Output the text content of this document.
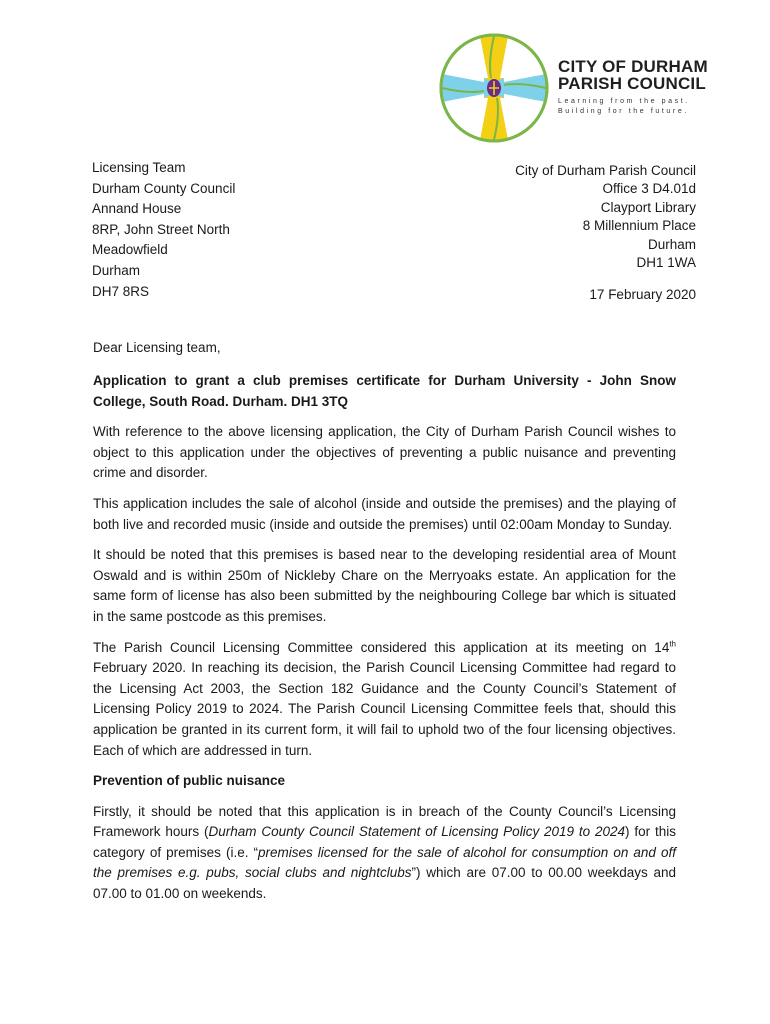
CITY OF DURHAM
PARISH COUNCIL
Learning from the past.
Building for the future.
Licensing Team
Durham County Council
Annand House
8RP, John Street North
Meadowfield
Durham
DH7 8RS
City of Durham Parish Council
Office 3 D4.01d
Clayport Library
8 Millennium Place
Durham
DH1 1WA
17 February 2020
Dear Licensing team,

Application to grant a club premises certificate for Durham University - John Snow College, South Road. Durham. DH1 3TQ

With reference to the above licensing application, the City of Durham Parish Council wishes to object to this application under the objectives of preventing a public nuisance and preventing crime and disorder.

This application includes the sale of alcohol (inside and outside the premises) and the playing of both live and recorded music (inside and outside the premises) until 02:00am Monday to Sunday.

It should be noted that this premises is based near to the developing residential area of Mount Oswald and is within 250m of Nickleby Chare on the Merryoaks estate. An application for the same form of license has also been submitted by the neighbouring College bar which is situated in the same postcode as this premises.

The Parish Council Licensing Committee considered this application at its meeting on 14th February 2020. In reaching its decision, the Parish Council Licensing Committee had regard to the Licensing Act 2003, the Section 182 Guidance and the County Council’s Statement of Licensing Policy 2019 to 2024. The Parish Council Licensing Committee feels that, should this application be granted in its current form, it will fail to uphold two of the four licensing objectives. Each of which are addressed in turn.

Prevention of public nuisance

Firstly, it should be noted that this application is in breach of the County Council’s Licensing Framework hours (Durham County Council Statement of Licensing Policy 2019 to 2024) for this category of premises (i.e. “premises licensed for the sale of alcohol for consumption on and off the premises e.g. pubs, social clubs and nightclubs”) which are 07.00 to 00.00 weekdays and 07.00 to 01.00 on weekends.
